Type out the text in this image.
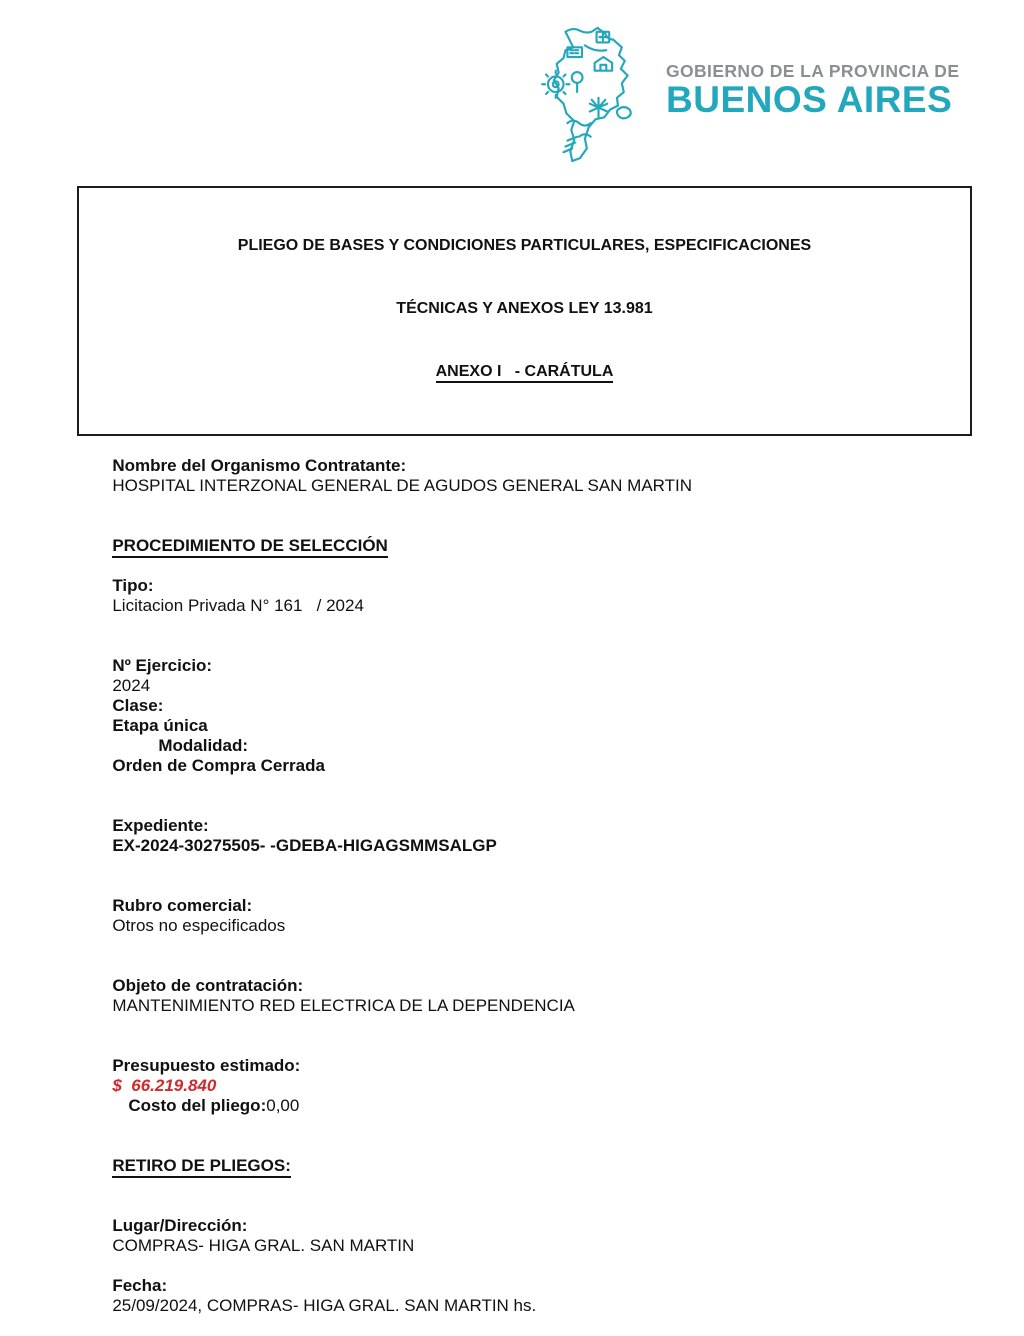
GOBIERNO DE LA PROVINCIA DE
BUENOS AIRES

PLIEGO DE BASES Y CONDICIONES PARTICULARES, ESPECIFICACIONES

TÉCNICAS Y ANEXOS LEY 13.981

ANEXO I   - CARÁTULA

Nombre del Organismo Contratante:
HOSPITAL INTERZONAL GENERAL DE AGUDOS GENERAL SAN MARTIN

PROCEDIMIENTO DE SELECCIÓN

Tipo:
Licitacion Privada N° 161   / 2024

Nº Ejercicio:
2024
Clase:
Etapa única
Modalidad:
Orden de Compra Cerrada

Expediente:
EX-2024-30275505- -GDEBA-HIGAGSMMSALGP

Rubro comercial:
Otros no especificados

Objeto de contratación:
MANTENIMIENTO RED ELECTRICA DE LA DEPENDENCIA

Presupuesto estimado:
$  66.219.840
Costo del pliego:0,00

RETIRO DE PLIEGOS:

Lugar/Dirección:
COMPRAS- HIGA GRAL. SAN MARTIN

Fecha:
25/09/2024, COMPRAS- HIGA GRAL. SAN MARTIN hs.
